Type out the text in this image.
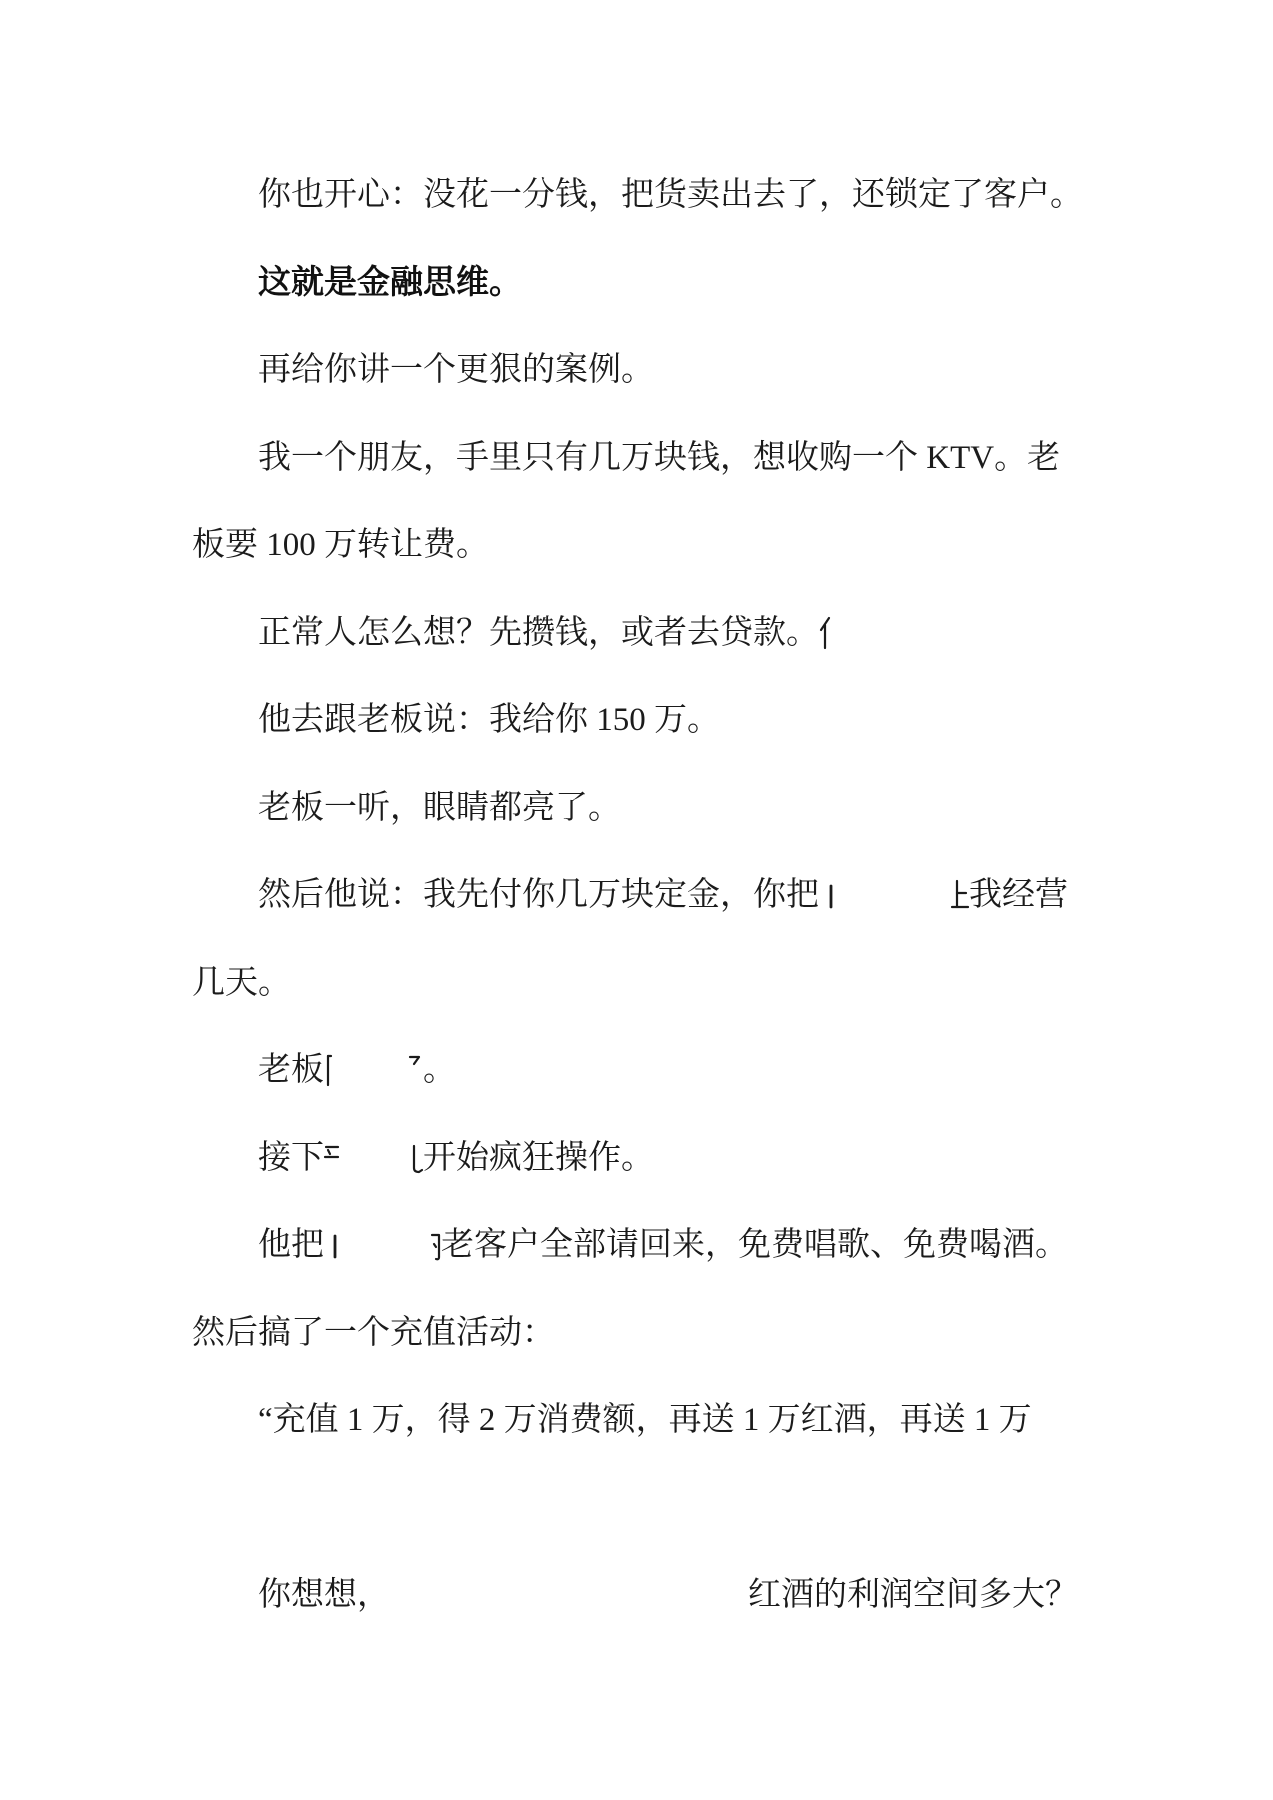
你也开心：没花一分钱，把货卖出去了，还锁定了客户。
这就是金融思维。
再给你讲一个更狠的案例。
我一个朋友，手里只有几万块钱，想收购一个 KTV。老
板要 100 万转让费。
正常人怎么想？先攒钱，或者去贷款。
他去跟老板说：我给你 150 万。
老板一听，眼睛都亮了。
然后他说：我先付你几万块定金，你把	我经营
几天。
老板	。
接下	开始疯狂操作。
他把	老客户全部请回来，免费唱歌、免费喝酒。
然后搞了一个充值活动：
“充值 1 万，得 2 万消费额，再送 1 万红酒，再送 1 万
你想想，	红酒的利润空间多大？
